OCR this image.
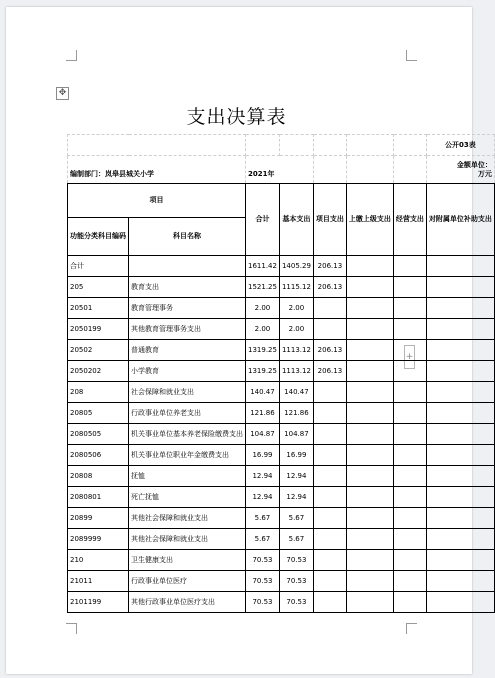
✥
+
支出决算表
							公开03表
编制部门：岚皋县城关小学		2021年					金额单位：
万元

项目		合计	基本支出	项目支出	上缴上级支出	经营支出	对附属单位补助支出
功能分类科目编码	科目名称						
合计		1611.42	1405.29	206.13			
205	教育支出	1521.25	1115.12	206.13			
20501	教育管理事务	2.00	2.00				
2050199	其他教育管理事务支出	2.00	2.00				
20502	普通教育	1319.25	1113.12	206.13			
2050202	小学教育	1319.25	1113.12	206.13			
208	社会保障和就业支出	140.47	140.47				
20805	行政事业单位养老支出	121.86	121.86				
2080505	机关事业单位基本养老保险缴费支出	104.87	104.87				
2080506	机关事业单位职业年金缴费支出	16.99	16.99				
20808	抚恤	12.94	12.94				
2080801	死亡抚恤	12.94	12.94				
20899	其他社会保障和就业支出	5.67	5.67				
2089999	其他社会保障和就业支出	5.67	5.67				
210	卫生健康支出	70.53	70.53				
21011	行政事业单位医疗	70.53	70.53				
2101199	其他行政事业单位医疗支出	70.53	70.53				
